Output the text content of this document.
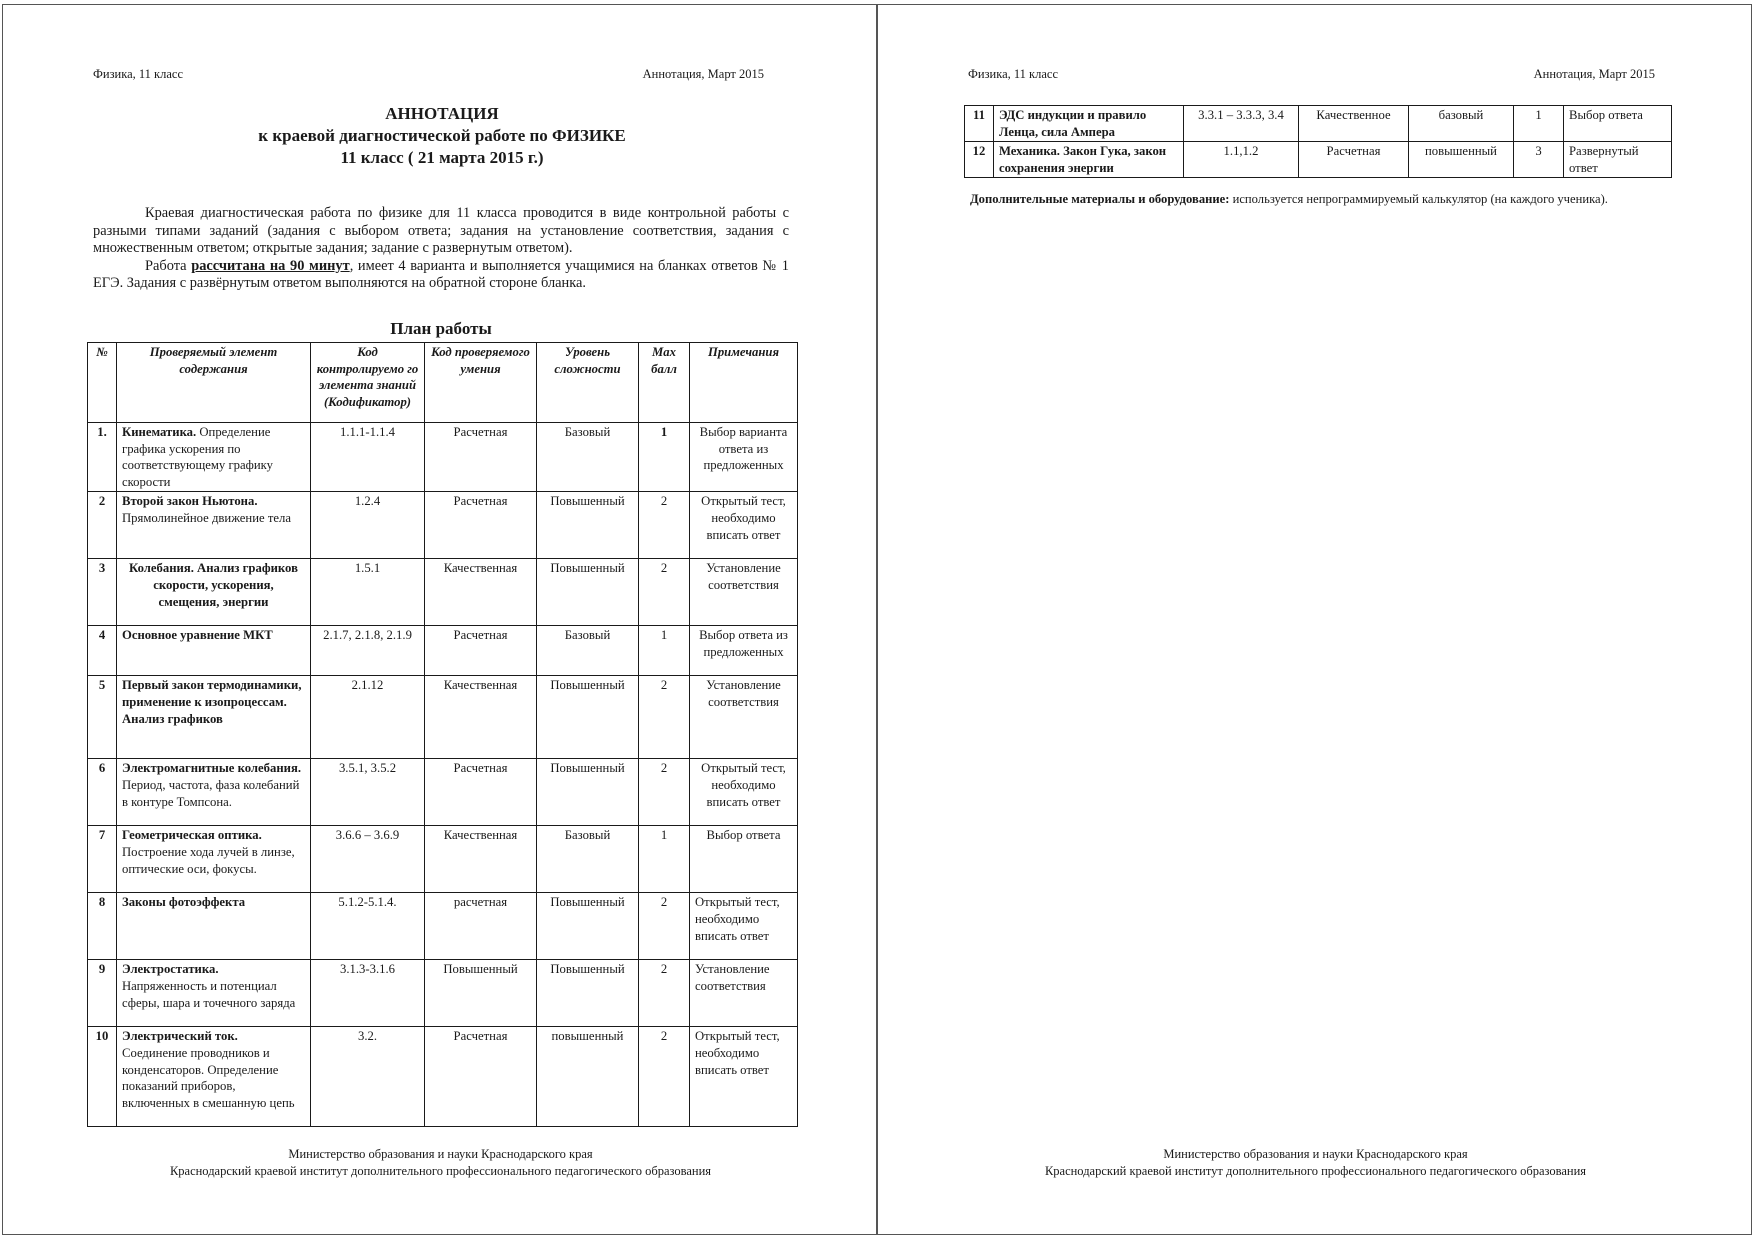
Физика, 11 класс	Аннотация, Март 2015
АННОТАЦИЯ
к краевой диагностической работе по ФИЗИКЕ
11 класс ( 21 марта 2015 г.)

Краевая диагностическая работа по физике для 11 класса проводится в виде контрольной работы с разными типами заданий (задания с выбором ответа; задания на установление соответствия, задания с множественным ответом; открытые задания; задание с развернутым ответом).

Работа рассчитана на 90 минут, имеет 4 варианта и выполняется учащимися на бланках ответов № 1 ЕГЭ. Задания с развёрнутым ответом выполняются на обратной стороне бланка.

План работы
№	Проверяемый элемент содержания	Код контролируемо го элемента знаний (Кодификатор)	Код проверяемого умения	Уровень сложности	Max балл	Примечания
1.	Кинематика. Определение графика ускорения по соответствующему графику скорости	1.1.1-1.1.4	Расчетная	Базовый	1	Выбор варианта ответа из предложенных
2	Второй закон Ньютона. Прямолинейное движение тела	1.2.4	Расчетная	Повышенный	2	Открытый тест, необходимо вписать ответ
3	Колебания. Анализ графиков скорости, ускорения, смещения, энергии	1.5.1	Качественная	Повышенный	2	Установление соответствия
4	Основное уравнение МКТ	2.1.7, 2.1.8, 2.1.9	Расчетная	Базовый	1	Выбор ответа из предложенных
5	Первый закон термодинамики, применение к изопроцессам. Анализ графиков	2.1.12	Качественная	Повышенный	2	Установление соответствия
6	Электромагнитные колебания. Период, частота, фаза колебаний в контуре Томпсона.	3.5.1, 3.5.2	Расчетная	Повышенный	2	Открытый тест, необходимо вписать ответ
7	Геометрическая оптика. Построение хода лучей в линзе, оптические оси, фокусы.	3.6.6 – 3.6.9	Качественная	Базовый	1	Выбор ответа
8	Законы фотоэффекта	5.1.2-5.1.4.	расчетная	Повышенный	2	Открытый тест, необходимо вписать ответ
9	Электростатика. Напряженность и потенциал сферы, шара и точечного заряда	3.1.3-3.1.6	Повышенный	Повышенный	2	Установление соответствия
10	Электрический ток. Соединение проводников и конденсаторов. Определение показаний приборов, включенных в смешанную цепь	3.2.	Расчетная	повышенный	2	Открытый тест, необходимо вписать ответ
Министерство образования и науки Краснодарского края
Краснодарский краевой институт дополнительного профессионального педагогического образования
Физика, 11 класс	Аннотация, Март 2015
11	ЭДС индукции и правило Ленца, сила Ампера	3.3.1 – 3.3.3, 3.4	Качественное	базовый	1	Выбор ответа
12	Механика. Закон Гука, закон сохранения энергии	1.1,1.2	Расчетная	повышенный	3	Развернутый ответ
Дополнительные материалы и оборудование: используется непрограммируемый калькулятор (на каждого ученика).
Министерство образования и науки Краснодарского края
Краснодарский краевой институт дополнительного профессионального педагогического образования
